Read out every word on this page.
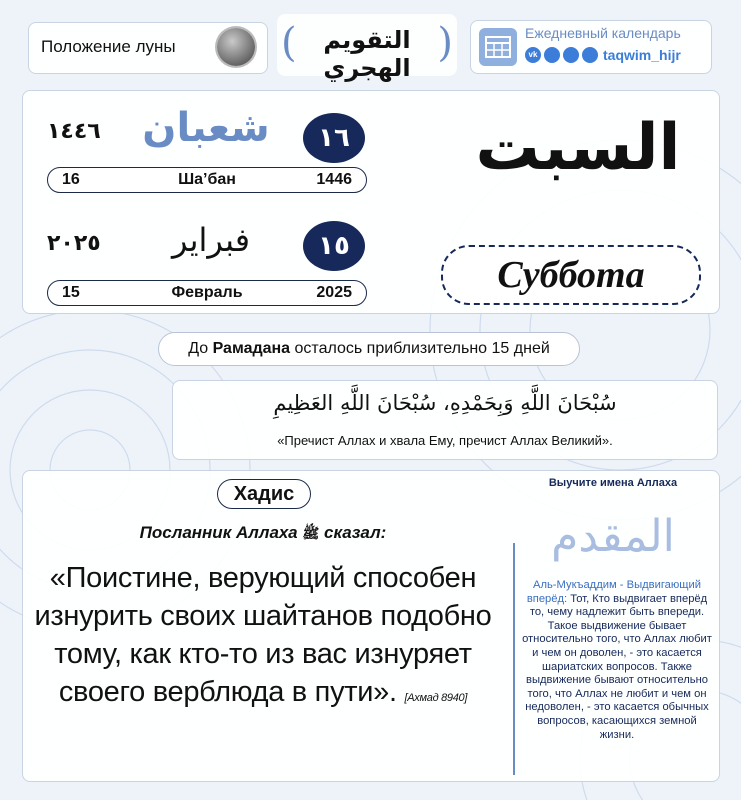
Положение луны	(	التقويم الهجري
)	Ежедневный календарь
vk	taqwim_hijr
١٤٤٦ شعبان	١٦
16	Ша’бан	1446
٢٠٢٥	فبراير	١٥
15	Февраль	2025
السبت
Суббота
До Рамадана осталось приблизительно 15 дней
سُبْحَانَ اللَّهِ وَبِحَمْدِهِ، سُبْحَانَ اللَّهِ العَظِيمِ
«Пречист Аллах и хвала Ему, пречист Аллах Великий».
Хадис
Посланник Аллаха ﷺ сказал:
«Поистине, верующий способен изнурить своих шайтанов подобно тому, как кто-то из вас изнуряет своего верблюда в пути». [Ахмад 8940]
Выучите имена Аллаха
المقدم
Аль-Мукъаддим - Выдвигающий вперёд: Тот, Кто выдвигает вперёд то, чему надлежит быть впереди. Такое выдвижение бывает относительно того, что Аллах любит и чем он доволен, - это касается шариатских вопросов. Также выдвижение бывают относительно того, что Аллах не любит и чем он недоволен, - это касается обычных вопросов, касающихся земной жизни.
